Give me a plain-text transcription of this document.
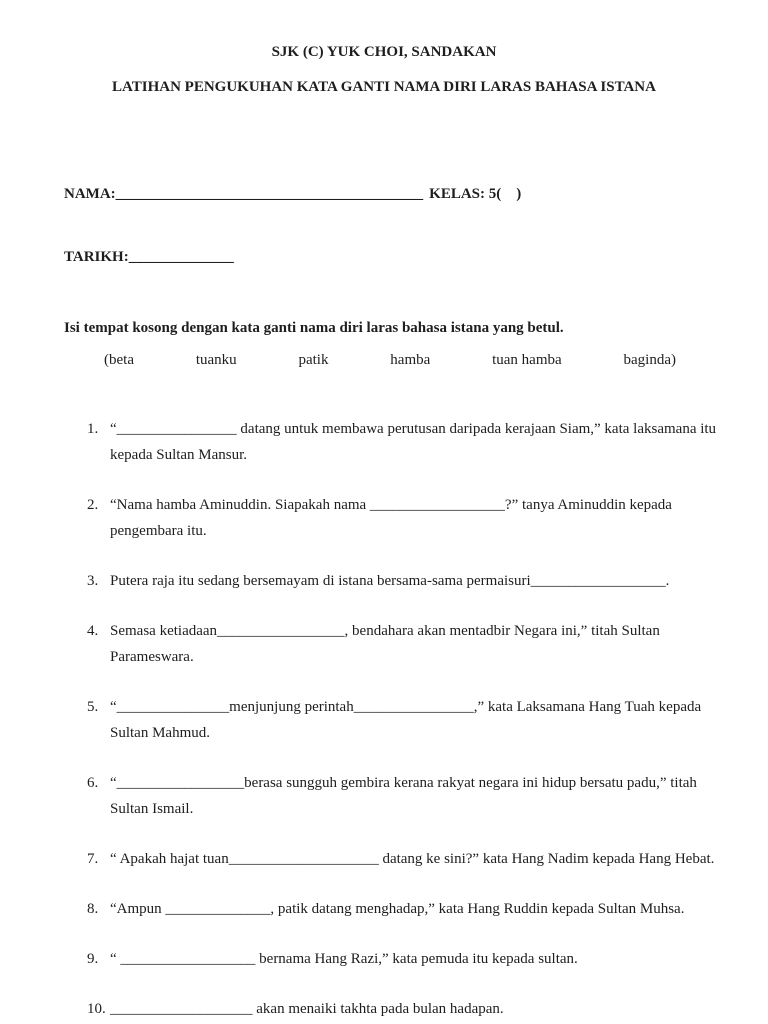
SJK (C) YUK CHOI, SANDAKAN
LATIHAN PENGUKUHAN KATA GANTI NAMA DIRI LARAS BAHASA ISTANA

NAMA:_________________________________________ KELAS: 5(    )

TARIKH:______________

Isi tempat kosong dengan kata ganti nama diri laras bahasa istana yang betul.
(beta	tuanku	patik	hamba	tuan hamba	baginda)
1. “________________ datang untuk membawa perutusan daripada kerajaan Siam,” kata laksamana itu kepada Sultan Mansur.
2. “Nama hamba Aminuddin. Siapakah nama __________________?” tanya Aminuddin kepada pengembara itu.
3. Putera raja itu sedang bersemayam di istana bersama-sama permaisuri__________________.
4. Semasa ketiadaan_________________, bendahara akan mentadbir Negara ini,” titah Sultan Parameswara.
5. “_______________menjunjung perintah________________,” kata Laksamana Hang Tuah kepada Sultan Mahmud.
6. “_________________berasa sungguh gembira kerana rakyat negara ini hidup bersatu padu,” titah Sultan Ismail.
7. “ Apakah hajat tuan____________________ datang ke sini?” kata Hang Nadim kepada Hang Hebat.
8. “Ampun ______________, patik datang menghadap,” kata Hang Ruddin kepada Sultan Muhsa.
9. “ __________________ bernama Hang Razi,” kata pemuda itu kepada sultan.
10. ___________________ akan menaiki takhta pada bulan hadapan.
